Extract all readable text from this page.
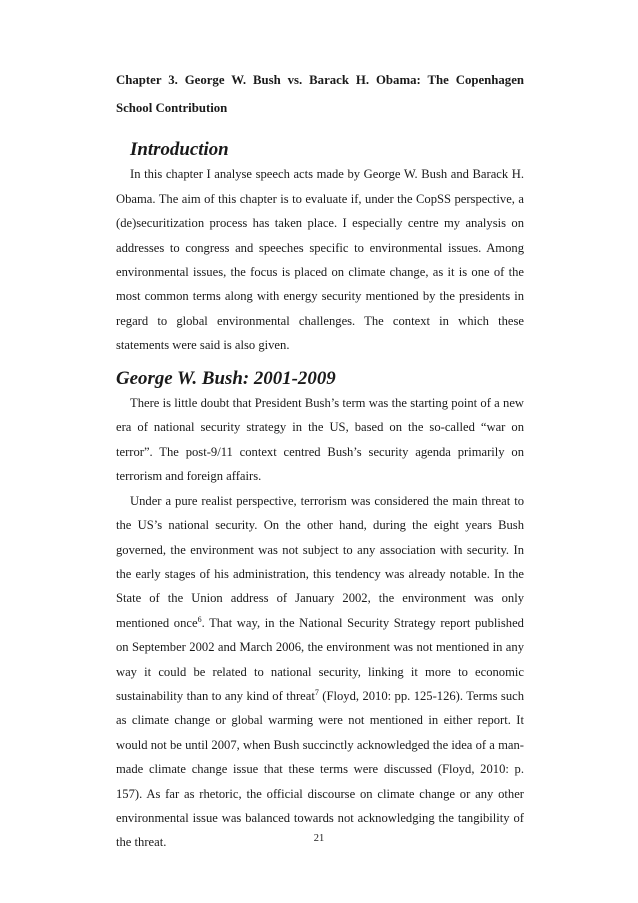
Chapter 3. George W. Bush vs. Barack H. Obama: The Copenhagen School Contribution
Introduction

In this chapter I analyse speech acts made by George W. Bush and Barack H. Obama. The aim of this chapter is to evaluate if, under the CopSS perspective, a (de)securitization process has taken place. I especially centre my analysis on addresses to congress and speeches specific to environmental issues. Among environmental issues, the focus is placed on climate change, as it is one of the most common terms along with energy security mentioned by the presidents in regard to global environmental challenges. The context in which these statements were said is also given.

George W. Bush: 2001-2009

There is little doubt that President Bush’s term was the starting point of a new era of national security strategy in the US, based on the so-called “war on terror”. The post-9/11 context centred Bush’s security agenda primarily on terrorism and foreign affairs.

Under a pure realist perspective, terrorism was considered the main threat to the US’s national security. On the other hand, during the eight years Bush governed, the environment was not subject to any association with security. In the early stages of his administration, this tendency was already notable. In the State of the Union address of January 2002, the environment was only mentioned once$^6$. That way, in the National Security Strategy report published on September 2002 and March 2006, the environment was not mentioned in any way it could be related to national security, linking it more to economic sustainability than to any kind of threat$^7$ (Floyd, 2010: pp. 125-126). Terms such as climate change or global warming were not mentioned in either report. It would not be until 2007, when Bush succinctly acknowledged the idea of a man-made climate change issue that these terms were discussed (Floyd, 2010: p. 157). As far as rhetoric, the official discourse on climate change or any other environmental issue was balanced towards not acknowledging the tangibility of the threat.	21
